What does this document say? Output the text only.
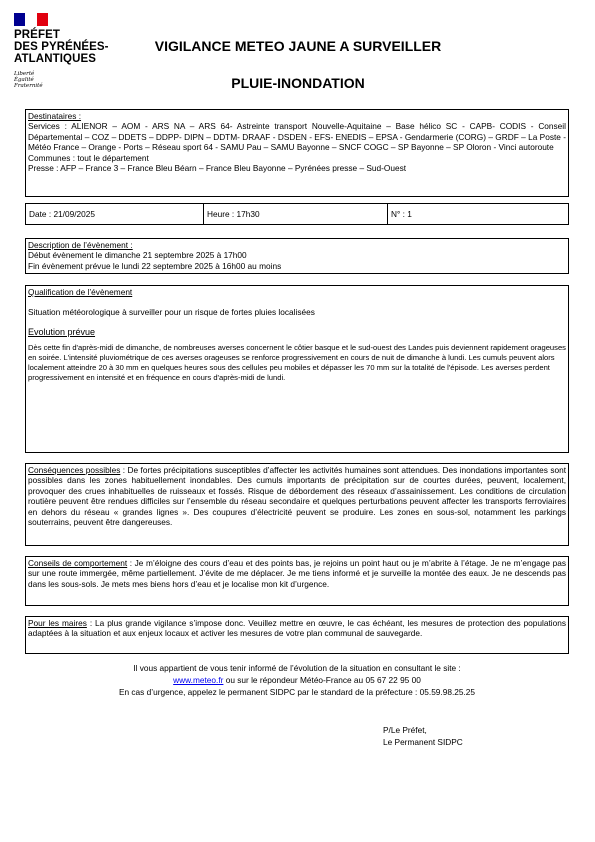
PRÉFET
DES PYRÉNÉES-
ATLANTIQUES
Liberté
Égalité
Fraternité
VIGILANCE METEO JAUNE A SURVEILLER
PLUIE-INONDATION
Destinataires :
Services : ALIENOR – AOM - ARS NA – ARS 64- Astreinte transport Nouvelle-Aquitaine – Base hélico SC - CAPB- CODIS - Conseil Départemental – COZ – DDETS – DDPP- DIPN – DDTM- DRAAF - DSDEN - EFS- ENEDIS – EPSA - Gendarmerie (CORG) – GRDF – La Poste - Météo France – Orange - Ports – Réseau sport 64 - SAMU Pau – SAMU Bayonne – SNCF COGC – SP Bayonne – SP Oloron - Vinci autoroute
Communes : tout le département
Presse : AFP – France 3 – France Bleu Béarn – France Bleu Bayonne – Pyrénées presse – Sud-Ouest
Date : 21/09/2025	Heure : 17h30	N° : 1
Description de l’évènement :
Début évènement le dimanche 21 septembre 2025 à 17h00
Fin évènement prévue le lundi 22 septembre 2025 à 16h00 au moins
Qualification de l’évènement
Situation météorologique à surveiller pour un risque de fortes pluies localisées
Evolution prévue
Dès cette fin d'après-midi de dimanche, de nombreuses averses concernent le côtier basque et le sud-ouest des Landes puis deviennent rapidement orageuses en soirée. L'intensité pluviométrique de ces averses orageuses se renforce progressivement en cours de nuit de dimanche à lundi. Les cumuls peuvent alors localement atteindre 20 à 30 mm en quelques heures sous des cellules peu mobiles et dépasser les 70 mm sur la totalité de l'épisode. Les averses perdent progressivement en intensité et en fréquence en cours d'après-midi de lundi.

Conséquences possibles : De fortes précipitations susceptibles d’affecter les activités humaines sont attendues. Des inondations importantes sont possibles dans les zones habituellement inondables. Des cumuls importants de précipitation sur de courtes durées, peuvent, localement, provoquer des crues inhabituelles de ruisseaux et fossés. Risque de débordement des réseaux d’assainissement. Les conditions de circulation routière peuvent être rendues difficiles sur l’ensemble du réseau secondaire et quelques perturbations peuvent affecter les transports ferroviaires en dehors du réseau « grandes lignes ». Des coupures d’électricité peuvent se produire. Les zones en sous-sol, notamment les parkings souterrains, peuvent être dangereuses.

Conseils de comportement : Je m’éloigne des cours d’eau et des points bas, je rejoins un point haut ou je m’abrite à l’étage. Je ne m’engage pas sur une route immergée, même partiellement. J’évite de me déplacer. Je me tiens informé et je surveille la montée des eaux. Je ne descends pas dans les sous-sols. Je mets mes biens hors d’eau et je localise mon kit d’urgence.

Pour les maires : La plus grande vigilance s’impose donc. Veuillez mettre en œuvre, le cas échéant, les mesures de protection des populations adaptées à la situation et aux enjeux locaux et activer les mesures de votre plan communal de sauvegarde.

Il vous appartient de vous tenir informé de l’évolution de la situation en consultant le site :
www.meteo.fr ou sur le répondeur Météo-France au 05 67 22 95 00
En cas d’urgence, appelez le permanent SIDPC par le standard de la préfecture : 05.59.98.25.25
P/Le Préfet,
Le Permanent SIDPC
